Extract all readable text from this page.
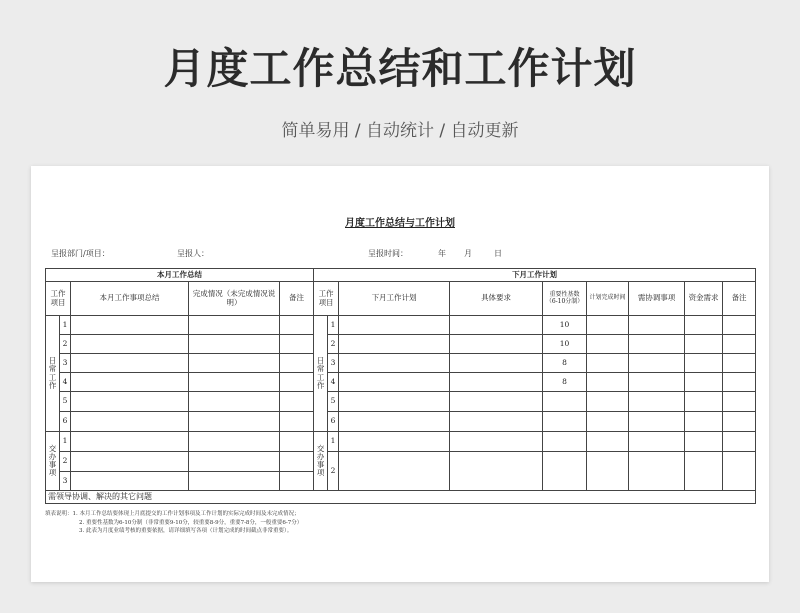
月度工作总结和工作计划
简单易用 / 自动统计 / 自动更新
月度工作总结与工作计划
呈报部门/项目：	呈报人：	呈报时间：	年 月	日
本月工作总结					下月工作计划								

工作项目		本月工作事项总结	完成情况（未完成情况说明）	备注	工作项目		下月工作计划	具体要求	重要性基数（6-10分制）	计划完成时间	需协调事项	资金需求	备注

日常工作	1				日常工作	1			10				
	2					2			10				
	3					3			8				
	4					4			8				
	5					5							
	6					6							

交办事项	1				交办事项	1							
	2					2							
	3												
需领导协调、解决的其它问题													
填表说明：1. 本月工作总结要体现上月底提交的工作计划事项及工作计划的实际完成时间及未完成情况；
2. 重要性基数为6-10分制（非常重要9-10分，较重要8-9分，重要7-8分，一般重要6-7分）
3. 此表为月度业绩考核的重要依据，请详细填写各项（计划完成的时间截点非常重要）。
